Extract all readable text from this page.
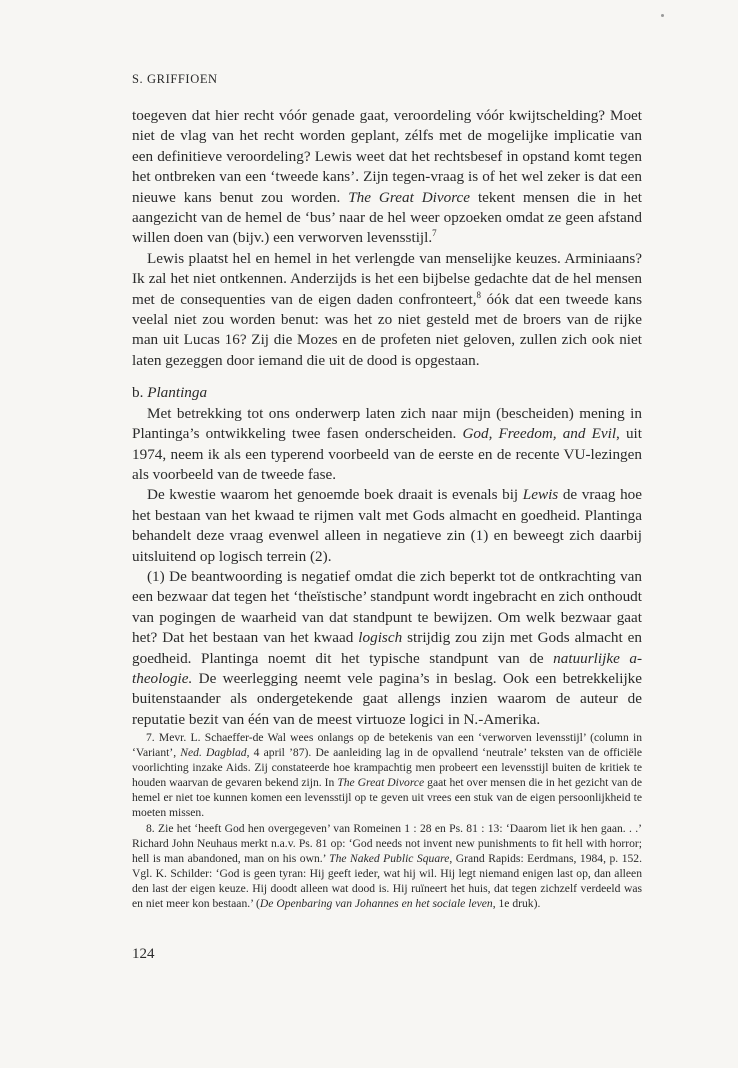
S. GRIFFIOEN

toegeven dat hier recht vóór genade gaat, veroordeling vóór kwijtschelding? Moet niet de vlag van het recht worden geplant, zélfs met de mogelijke implicatie van een definitieve veroordeling? Lewis weet dat het rechtsbesef in opstand komt tegen het ontbreken van een ‘tweede kans’. Zijn tegen-vraag is of het wel zeker is dat een nieuwe kans benut zou worden. The Great Divorce tekent mensen die in het aangezicht van de hemel de ‘bus’ naar de hel weer opzoeken omdat ze geen afstand willen doen van (bijv.) een verworven levensstijl.$^7$

Lewis plaatst hel en hemel in het verlengde van menselijke keuzes. Arminiaans? Ik zal het niet ontkennen. Anderzijds is het een bijbelse gedachte dat de hel mensen met de consequenties van de eigen daden confronteert,$^8$ óók dat een tweede kans veelal niet zou worden benut: was het zo niet gesteld met de broers van de rijke man uit Lucas 16? Zij die Mozes en de profeten niet geloven, zullen zich ook niet laten gezeggen door iemand die uit de dood is opgestaan.

b. Plantinga

Met betrekking tot ons onderwerp laten zich naar mijn (bescheiden) mening in Plantinga’s ontwikkeling twee fasen onderscheiden. God, Freedom, and Evil, uit 1974, neem ik als een typerend voorbeeld van de eerste en de recente VU-lezingen als voorbeeld van de tweede fase.

De kwestie waarom het genoemde boek draait is evenals bij Lewis de vraag hoe het bestaan van het kwaad te rijmen valt met Gods almacht en goedheid. Plantinga behandelt deze vraag evenwel alleen in negatieve zin (1) en beweegt zich daarbij uitsluitend op logisch terrein (2).

(1) De beantwoording is negatief omdat die zich beperkt tot de ontkrachting van een bezwaar dat tegen het ‘theïstische’ standpunt wordt ingebracht en zich onthoudt van pogingen de waarheid van dat standpunt te bewijzen. Om welk bezwaar gaat het? Dat het bestaan van het kwaad logisch strijdig zou zijn met Gods almacht en goedheid. Plantinga noemt dit het typische standpunt van de natuurlijke a-theologie. De weerlegging neemt vele pagina’s in beslag. Ook een betrekkelijke buitenstaander als ondergetekende gaat allengs inzien waarom de auteur de reputatie bezit van één van de meest virtuoze logici in N.-Amerika.

7. Mevr. L. Schaeffer-de Wal wees onlangs op de betekenis van een ‘verworven levensstijl’ (column in ‘Variant’, Ned. Dagblad, 4 april ’87). De aanleiding lag in de opvallend ‘neutrale’ teksten van de officiële voorlichting inzake Aids. Zij constateerde hoe krampachtig men probeert een levensstijl buiten de kritiek te houden waarvan de gevaren bekend zijn. In The Great Divorce gaat het over mensen die in het gezicht van de hemel er niet toe kunnen komen een levensstijl op te geven uit vrees een stuk van de eigen persoonlijkheid te moeten missen.

8. Zie het ‘heeft God hen overgegeven’ van Romeinen 1 : 28 en Ps. 81 : 13: ‘Daarom liet ik hen gaan. . .’ Richard John Neuhaus merkt n.a.v. Ps. 81 op: ‘God needs not invent new punishments to fit hell with horror; hell is man abandoned, man on his own.’ The Naked Public Square, Grand Rapids: Eerdmans, 1984, p. 152. Vgl. K. Schilder: ‘God is geen tyran: Hij geeft ieder, wat hij wil. Hij legt niemand enigen last op, dan alleen den last der eigen keuze. Hij doodt alleen wat dood is. Hij ruïneert het huis, dat tegen zichzelf verdeeld was en niet meer kon bestaan.’ (De Openbaring van Johannes en het sociale leven, 1e druk).

124
